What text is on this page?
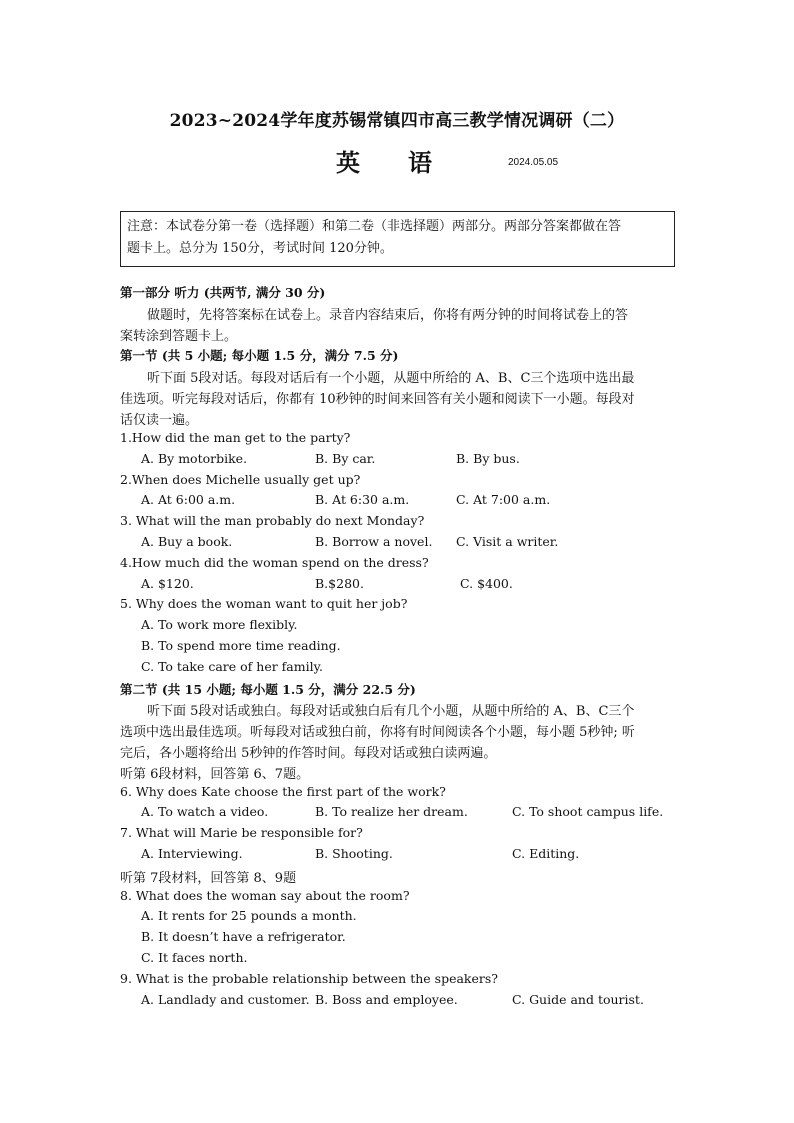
2023~2024学年度苏锡常镇四市高三教学情况调研（二）
英 语	2024.05.05
注意：本试卷分第一卷（选择题）和第二卷（非选择题）两部分。两部分答案都做在答
题卡上。总分为 150分，考试时间 120分钟。
第一部分 听力 (共两节, 满分 30 分)
做题时，先将答案标在试卷上。录音内容结束后，你将有两分钟的时间将试卷上的答
案转涂到答题卡上。
第一节 (共 5 小题; 每小题 1.5 分，满分 7.5 分)
听下面 5段对话。每段对话后有一个小题，从题中所给的 A、B、C三个选项中选出最
佳选项。听完每段对话后，你都有 10秒钟的时间来回答有关小题和阅读下一小题。每段对
话仅读一遍。
1.How did the man get to the party?
A. By motorbike.	B. By car.	B. By bus.
2.When does Michelle usually get up?
A. At 6:00 a.m.	B. At 6:30 a.m.	C. At 7:00 a.m.
3. What will the man probably do next Monday?
A. Buy a book.	B. Borrow a novel. C. Visit a writer.
4.How much did the woman spend on the dress?
A. $120.	B.$280.	C. $400.
5. Why does the woman want to quit her job?
A. To work more flexibly.
B. To spend more time reading.
C. To take care of her family.
第二节 (共 15 小题; 每小题 1.5 分，满分 22.5 分)
听下面 5段对话或独白。每段对话或独白后有几个小题，从题中所给的 A、B、C三个
选项中选出最佳选项。听每段对话或独白前，你将有时间阅读各个小题，每小题 5秒钟; 听
完后，各小题将给出 5秒钟的作答时间。每段对话或独白读两遍。
听第 6段材料，回答第 6、7题。
6. Why does Kate choose the first part of the work?
A. To watch a video.	B. To realize her dream.	C. To shoot campus life.
7. What will Marie be responsible for?
A. Interviewing.	B. Shooting.	C. Editing.
听第 7段材料，回答第 8、9题
8. What does the woman say about the room?
A. It rents for 25 pounds a month.
B. It doesn’t have a refrigerator.
C. It faces north.
9. What is the probable relationship between the speakers?
A. Landlady and customer. B. Boss and employee.	C. Guide and tourist.
